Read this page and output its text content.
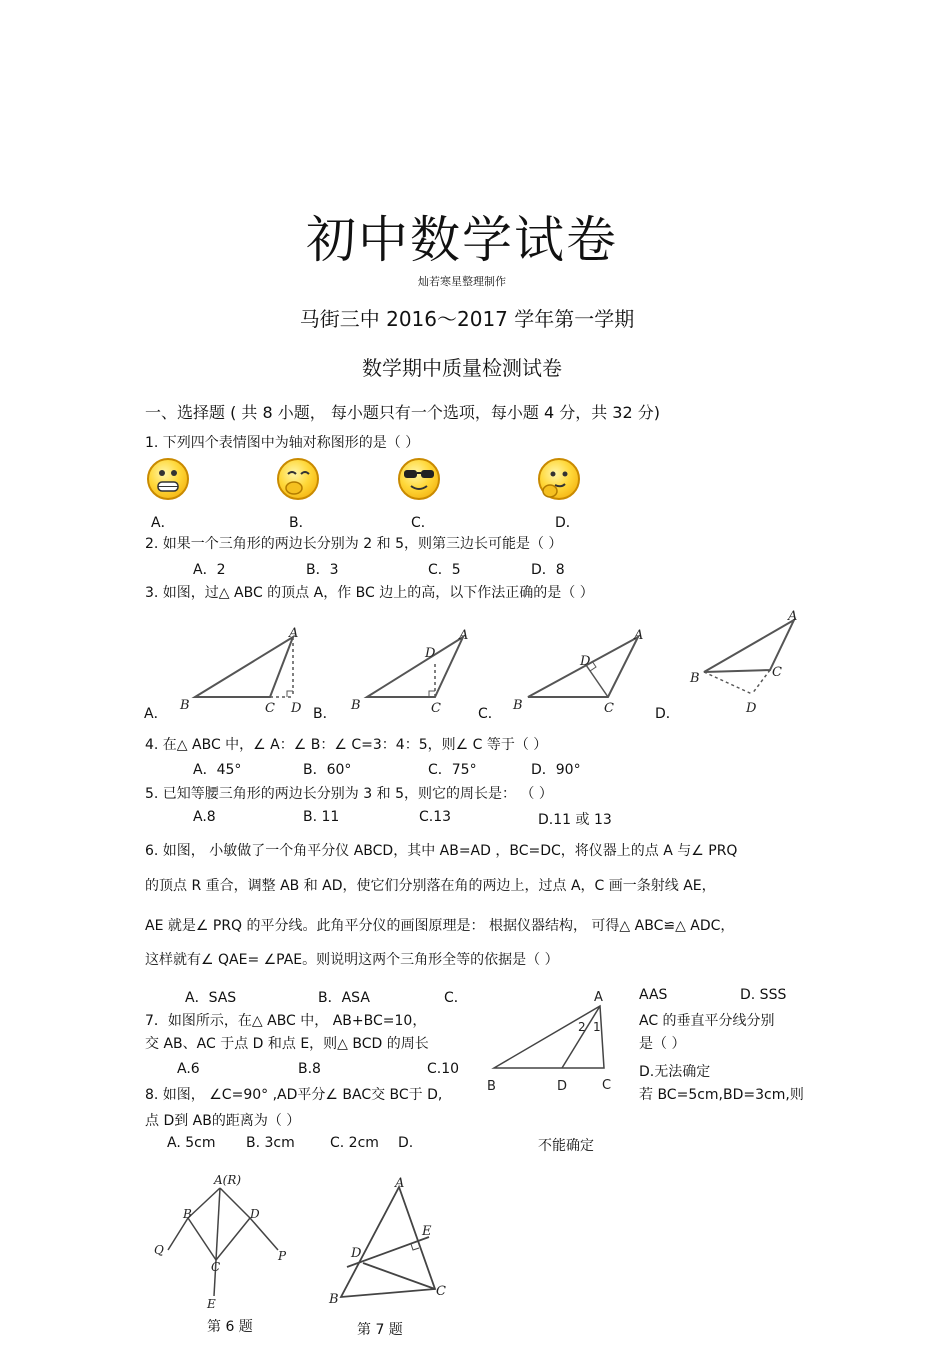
初中数学试卷
灿若寒星整理制作
马街三中 2016～2017 学年第一学期
数学期中质量检测试卷
一、选择题 ( 共 8 小题， 每小题只有一个选项，每小题 4 分，共 32 分)
1. 下列四个表情图中为轴对称图形的是（ ）
A．	B．	C．	D．
2. 如果一个三角形的两边长分别为 2 和 5，则第三边长可能是（ ）
A．2	B．3	C．5	D．8
3. 如图，过△ ABC 的顶点 A，作 BC 边上的高，以下作法正确的是（ ）
A．	B．	C．	D．
A
B	C D
A
D
B	C
A
D
B	C
A
C
B
D
4. 在△ ABC 中，∠ A：∠ B：∠ C=3：4：5，则∠ C 等于（ ）
A．45°	B．60°	C．75°	D．90°
5. 已知等腰三角形的两边长分别为 3 和 5，则它的周长是： （ ）
A.8	B. 11	C.13	D.11 或 13
6. 如图， 小敏做了一个角平分仪 ABCD，其中 AB=AD ，BC=DC，将仪器上的点 A 与∠ PRQ
的顶点 R 重合，调整 AB 和 AD，使它们分别落在角的两边上，过点 A，C 画一条射线 AE，
AE 就是∠ PRQ 的平分线。此角平分仪的画图原理是： 根据仪器结构， 可得△ ABC≌△ ADC，
这样就有∠ QAE= ∠PAE。则说明这两个三角形全等的依据是（ ）
A．SAS	B．ASA	C．	AAS	D. SSS
A
2 1
B	D	C
7．如图所示，在△ ABC 中， AB+BC=10，	AC 的垂直平分线分别
交 AB、AC 于点 D 和点 E，则△ BCD 的周长	是（ ）
A.6	B.8	C.10	D.无法确定
8. 如图， ∠C=90° ,AD平分∠ BAC交 BC于 D,	若 BC=5cm,BD=3cm,则
点 D到 AB的距离为（ ）
A. 5cm B. 3cm	C. 2cm D.	不能确定
A(R)
B	D
Q	P
C
E
第 6 题
A
E
D
B
C
第 7 题
